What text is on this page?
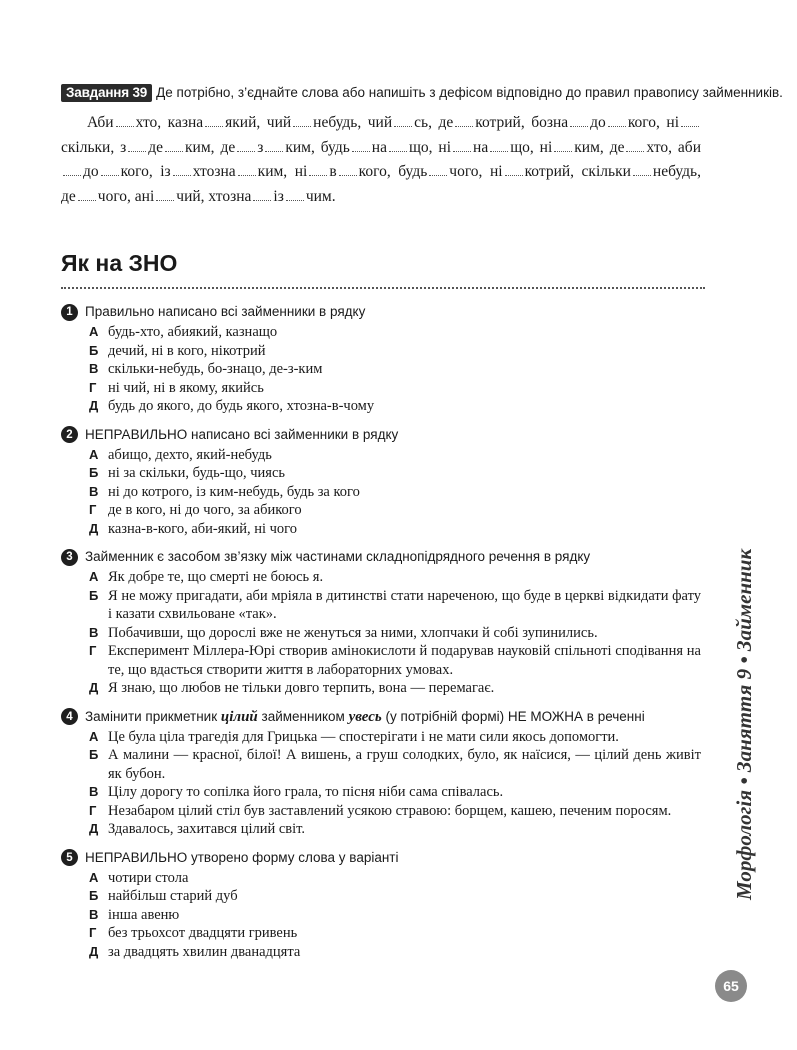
Завдання 39 Де потрібно, з’єднайте слова або напишіть з дефісом відповідно до правил правопису займенників.
Аби хто, казна який, чий небудь, чий сь, де котрий, бозна до кого, ніскільки, з де ким, де з ким, будь на що, ні на що, ні ким, де хто, абидо кого, із хтозна ким, ні в кого, будь чого, ні котрий, скільки небудь, де чого, ані чий, хтозна із чим.
Як на ЗНО
1 Правильно написано всі займенники в рядку
А будь-хто, абиякий, казнащо
Б дечий, ні в кого, нікотрий
В скільки-небудь, бо-знацо, де-з-ким
Г ні чий, ні в якому, якийсь
Д будь до якого, до будь якого, хтозна-в-чому
2 НЕПРАВИЛЬНО написано всі займенники в рядку
А абищо, дехто, який-небудь
Б ні за скільки, будь-що, чиясь
В ні до котрого, із ким-небудь, будь за кого
Г де в кого, ні до чого, за абикого
Д казна-в-кого, аби-який, ні чого
3 Займенник є засобом зв’язку між частинами складнопідрядного речення в рядку
А Як добре те, що смерті не боюсь я.
Б Я не можу пригадати, аби мріяла в дитинстві стати нареченою, що буде в церкві відкидати фату і казати схвильоване «так».
В Побачивши, що дорослі вже не женуться за ними, хлопчаки й собі зупинились.
Г Експеримент Міллера-Юрі створив амінокислоти й подарував науковій спільноті сподівання на те, що вдасться створити життя в лабораторних умовах.
Д Я знаю, що любов не тільки довго терпить, вона — перемагає.
4 Замінити прикметник цілий займенником увесь (у потрібній формі) НЕ МОЖНА в реченні
А Це була ціла трагедія для Грицька — спостерігати і не мати сили якось допомогти.
Б А малини — красної, білої! А вишень, а груш солодких, було, як наїсися, — цілий день живіт як бубон.
В Цілу дорогу то сопілка його грала, то пісня ніби сама співалась.
Г Незабаром цілий стіл був заставлений усякою стравою: борщем, кашею, печеним поросям.
Д Здавалось, захитався цілий світ.
5 НЕПРАВИЛЬНО утворено форму слова у варіанті
А чотири стола
Б найбільш старий дуб
В інша авеню
Г без трьохсот двадцяти гривень
Д за двадцять хвилин дванадцята
Морфологія • Заняття 9 • Займенник
65
